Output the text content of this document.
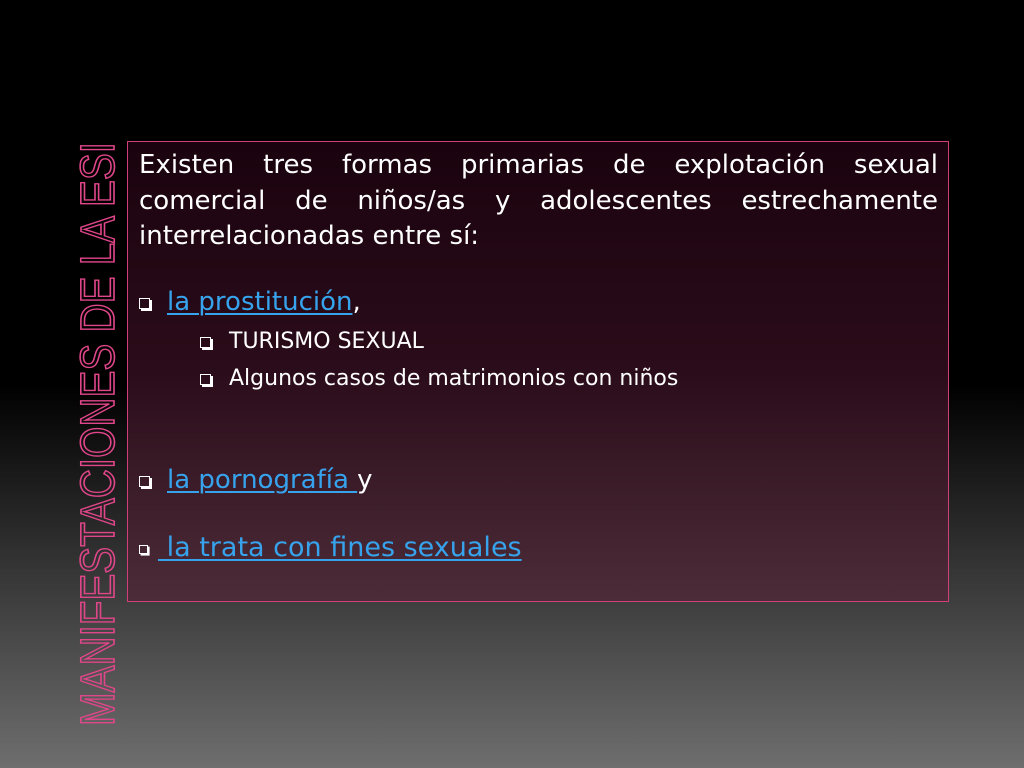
MANIFESTACIONES DE LA ESI Existen tres formas primarias de explotación sexual
comercial de niños/as y adolescentes estrechamente
interrelacionadas entre sí:
la prostitución,
TURISMO SEXUAL
Algunos casos de matrimonios con niños
la pornografía y
la trata con fines sexuales
